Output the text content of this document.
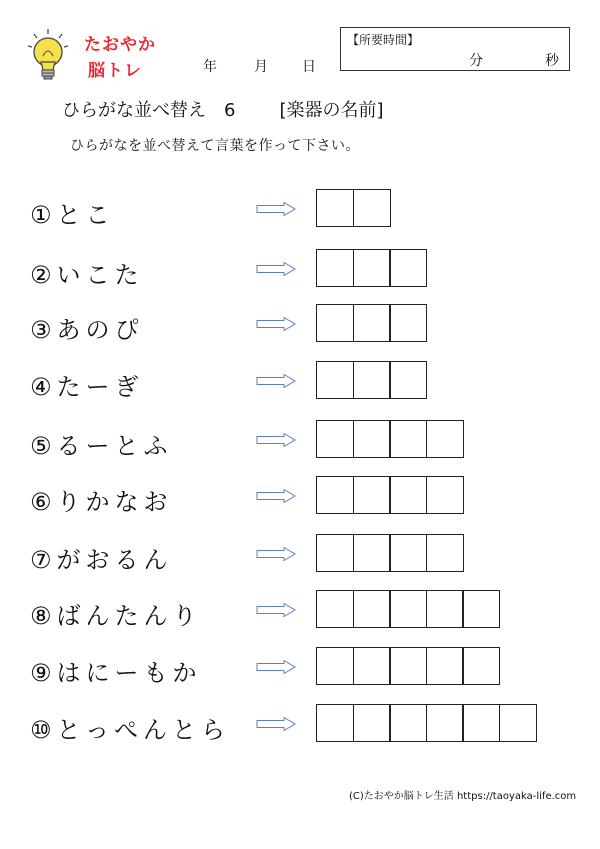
たおやか
脳トレ	年	月 日
【所要時間】
分	秒
ひらがな並べ替え 6 [楽器の名前]
ひらがなを並べ替えて言葉を作って下さい。
①とこ
②いこた
③あのぴ
④たーぎ
⑤るーとふ
⑥りかなお
⑦がおるん
⑧ばんたんり
⑨はにーもか
⑩とっぺんとら
(C)たおやか脳トレ生活 https://taoyaka-life.com
